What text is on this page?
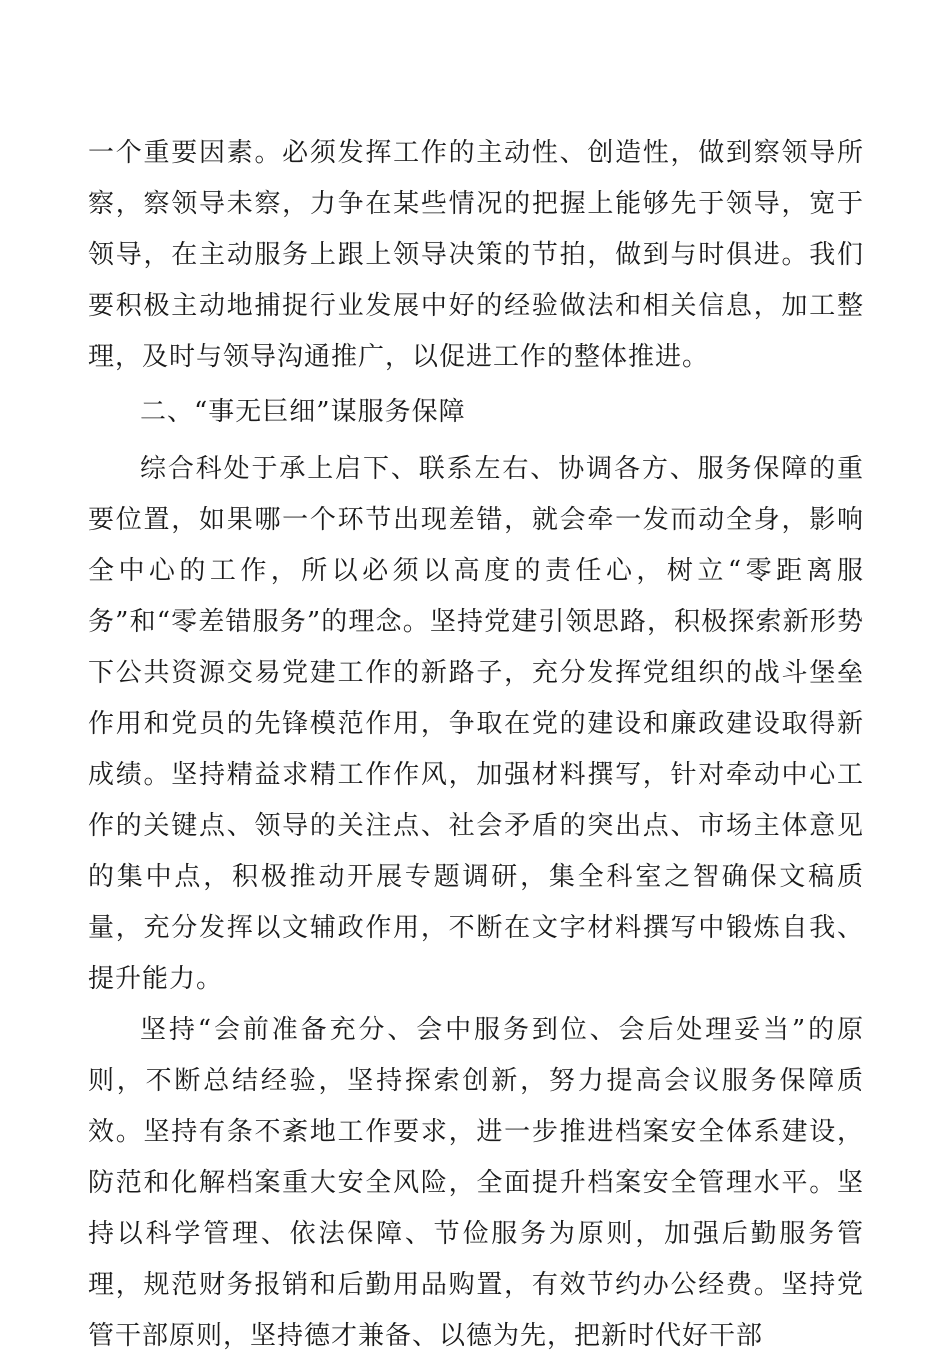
一个重要因素。必须发挥工作的主动性、创造性，做到察领导所察，察领导未察，力争在某些情况的把握上能够先于领导，宽于领导，在主动服务上跟上领导决策的节拍，做到与时俱进。我们要积极主动地捕捉行业发展中好的经验做法和相关信息，加工整理，及时与领导沟通推广，以促进工作的整体推进。

二、“事无巨细”谋服务保障

综合科处于承上启下、联系左右、协调各方、服务保障的重要位置，如果哪一个环节出现差错，就会牵一发而动全身，影响全中心的工作，所以必须以高度的责任心，树立“零距离服务”和“零差错服务”的理念。坚持党建引领思路，积极探索新形势下公共资源交易党建工作的新路子，充分发挥党组织的战斗堡垒作用和党员的先锋模范作用，争取在党的建设和廉政建设取得新成绩。坚持精益求精工作作风，加强材料撰写，针对牵动中心工作的关键点、领导的关注点、社会矛盾的突出点、市场主体意见的集中点，积极推动开展专题调研，集全科室之智确保文稿质量，充分发挥以文辅政作用，不断在文字材料撰写中锻炼自我、提升能力。

坚持“会前准备充分、会中服务到位、会后处理妥当”的原则，不断总结经验，坚持探索创新，努力提高会议服务保障质效。坚持有条不紊地工作要求，进一步推进档案安全体系建设，防范和化解档案重大安全风险，全面提升档案安全管理水平。坚持以科学管理、依法保障、节俭服务为原则，加强后勤服务管理，规范财务报销和后勤用品购置，有效节约办公经费。坚持党管干部原则，坚持德才兼备、以德为先，把新时代好干部
